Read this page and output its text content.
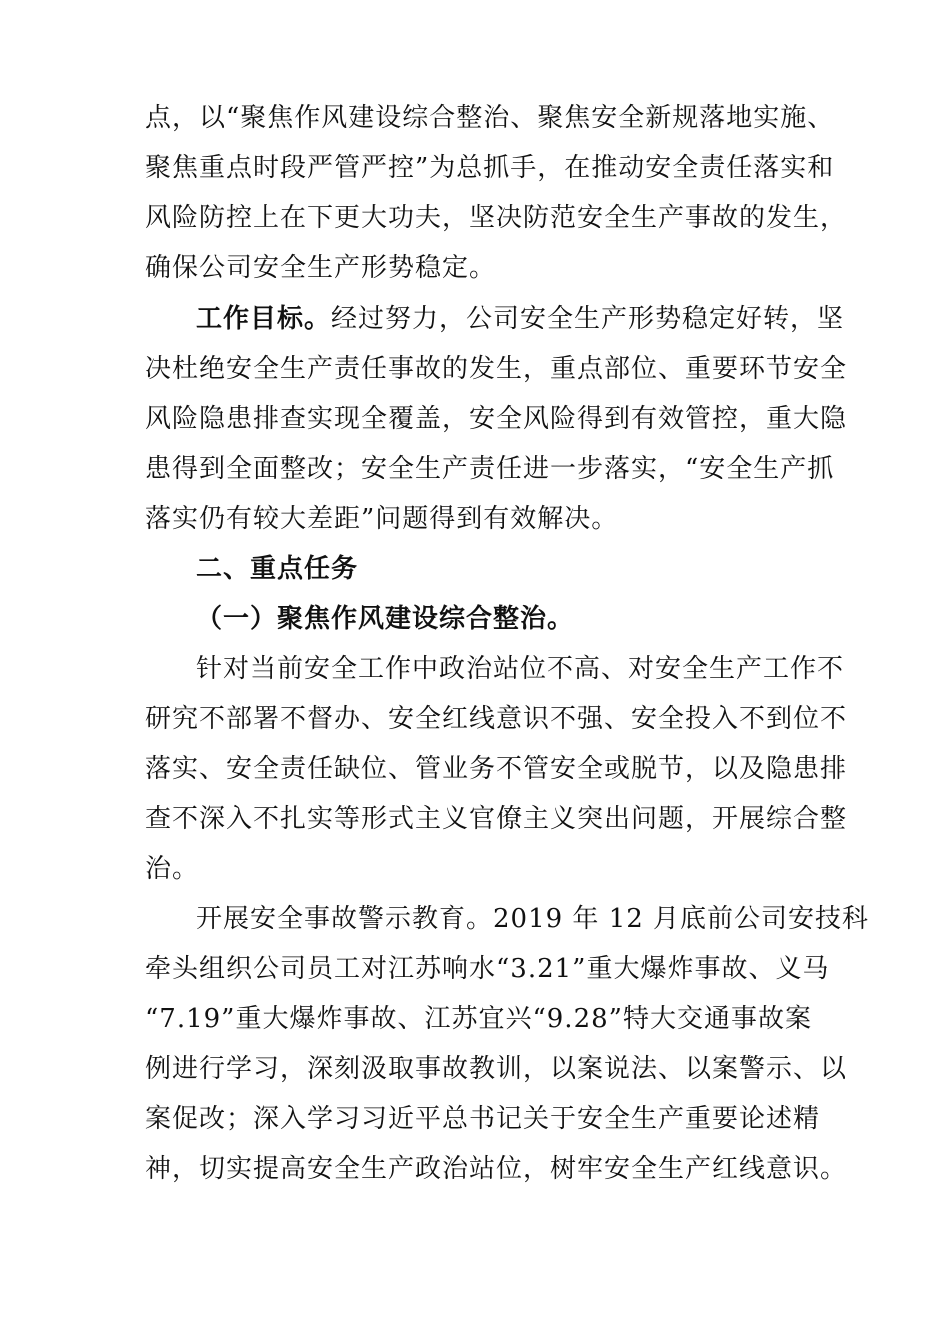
点，以“聚焦作风建设综合整治、聚焦安全新规落地实施、
聚焦重点时段严管严控”为总抓手，在推动安全责任落实和
风险防控上在下更大功夫，坚决防范安全生产事故的发生，
确保公司安全生产形势稳定。
工作目标。经过努力，公司安全生产形势稳定好转，坚
决杜绝安全生产责任事故的发生，重点部位、重要环节安全
风险隐患排查实现全覆盖，安全风险得到有效管控，重大隐
患得到全面整改；安全生产责任进一步落实，“安全生产抓
落实仍有较大差距”问题得到有效解决。
二、重点任务
（一）聚焦作风建设综合整治。
针对当前安全工作中政治站位不高、对安全生产工作不
研究不部署不督办、安全红线意识不强、安全投入不到位不
落实、安全责任缺位、管业务不管安全或脱节，以及隐患排
查不深入不扎实等形式主义官僚主义突出问题，开展综合整
治。
开展安全事故警示教育。2019 年 12 月底前公司安技科
牵头组织公司员工对江苏响水“3.21”重大爆炸事故、义马
“7.19”重大爆炸事故、江苏宜兴“9.28”特大交通事故案
例进行学习，深刻汲取事故教训，以案说法、以案警示、以
案促改；深入学习习近平总书记关于安全生产重要论述精
神，切实提高安全生产政治站位，树牢安全生产红线意识。
